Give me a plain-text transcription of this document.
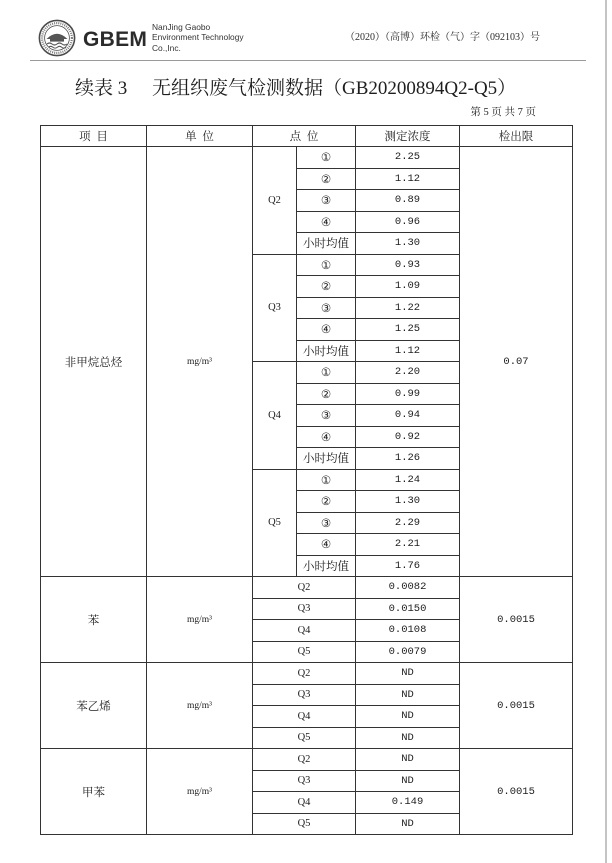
GBEM
NanJing Gaobo
Environment Technology
Co.,Inc.
（2020）（高博）环检（气）字（092103）号
续表 3 无组织废气检测数据（GB20200894Q2-Q5）
第 5 页 共 7 页
项  目	单  位	点  位	测定浓度	检出限
非甲烷总烃	mg/m³	0.07
Q2
①	2.25
②	1.12
③	0.89
④	0.96
小时均值	1.30
Q3
①	0.93
②	1.09
③	1.22
④	1.25
小时均值	1.12
Q4
①	2.20
②	0.99
③	0.94
④	0.92
小时均值	1.26
Q5
①	1.24
②	1.30
③	2.29
④	2.21
小时均值	1.76
苯	mg/m³	0.0015
Q2	0.0082
Q3	0.0150
Q4	0.0108
Q5	0.0079
苯乙烯	mg/m³	0.0015
Q2	ND
Q3	ND
Q4	ND
Q5	ND
甲苯	mg/m³	0.0015
Q2	ND
Q3	ND
Q4	0.149
Q5	ND
